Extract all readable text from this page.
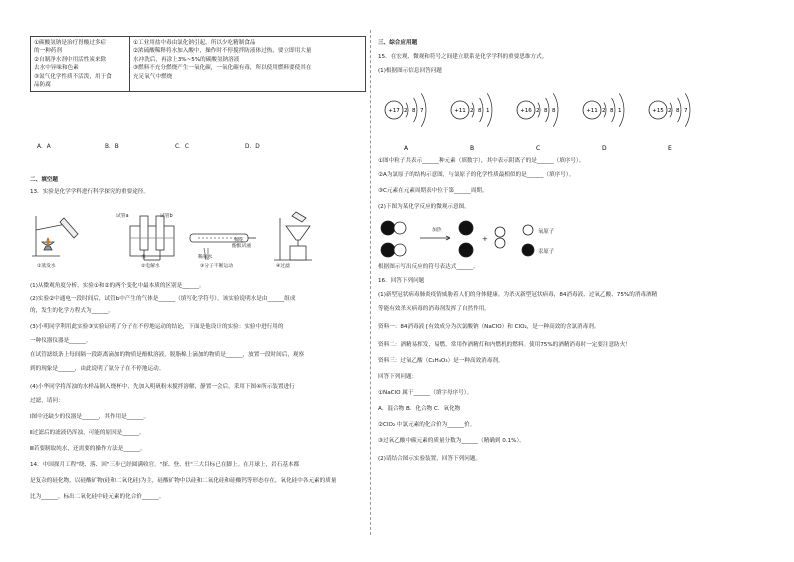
①碳酸氢钠是治疗胃酸过多症
的一种药剂
②自制净水剂中用活性炭来除
去水中异味和色素
③氮气化学性质不活泼，用于食
品防腐

①工业用盐中毒由氯化钠引起，所以少吃精制食品
②浓硫酸稀释将水加入酸中，操作时不停搅拌防液体过热，要立即用大量
水冲洗后，再涂上3%~5%的碳酸氢钠溶液
③燃料不充分燃烧产生一氧化碳，一氧化碳有毒，所以使用燃料要使其在
充足氧气中燃烧
A．A	B．B	C．C	D．D
二、填空题
13．实验是化学学科进行科学探究的重要途径。
①蒸发水	②电解水	③分子不断运动	④过滤
试管a	试管b
棉花
酚酞试液
水	稀氨水
(1)从微观角度分析，实验①和②的两个变化中最本质的区别是______。
(2)实验②中通电一段时间后，试管b中产生的气体是______（填写化学符号），该实验说明水是由______组成
的，发生的化学方程式为______。
(3)小明同学利用此实验③实验证明了分子在不停地运动的结论，下面是他设计的实验：实验中进行用的
一种仪器仪器是______。
在试管滤纸条上每间隔一段距离滴加的物质是酚酞溶液，脱脂棉上滴加的物质是______，放置一段时间后，观察
到的现象是______，由此说明了氨分子在不停地运动。
(4)小华同学将浑浊的水样品倒入烧杯中，先加入明矾粉末搅拌溶解，静置一会后，采用下图④所示装置进行
过滤，请问：
Ⅰ图中还缺少的仪器是______，其作用是______。
Ⅱ过滤后的滤液仍浑浊，可能的原因是______。
Ⅲ若要制取纯水，还需要的操作方法是______。
14．中国探月工程"绕、落、回"三步已经圆满收官。"探、登、驻"三大目标已在脚上。在月球上，岩石基本都
是复杂的硅化物，以硅酸矿物(硅和二氧化硅)为主，硅酸矿物中以硅和二氧化硅和硅酸钙等形态存在，氧化硅中各元素的质量
比为______，标出二氧化硅中硅元素的化合价______。
三、综合应用题
15．在宏观、微观和符号之间建立联系是化学学科的重要思维方式。
(1)根据图示信息回答问题
+17 2 8 7
A
+11 2 8 1
B
+16 2 8 8
C
+11 2 8 1
D
+15 2 8 7
E
①图中粒子共表示______种元素（填数字），其中表示阴离子的是______（填序号）。
②A为氯原子的结构示意图，与氯原子的化学性质最相似的是______（填序号）。
③C元素在元素周期表中位于第______周期。
(2)下图为某化学反应的微观示意图。
+
加热	氧原子
汞原子
根据图示写出反应的符号表达式______。
16．回答下列问题
(1)新型冠状病毒肺炎疫情威胁着人们的身体健康。为杀灭新型冠状病毒，84消毒液、过氧乙酸、75%的消毒酒精
等能有效杀灭病毒的消毒剂发挥了自然作用。
资料一：84消毒液 [有效成分为次氯酸钠（NaClO）和 ClO₂，是一种高效的含氯消毒剂。
资料二：酒精易挥发，易燃，常用作酒精灯和内燃机的燃料。使用75%的酒精消毒时一定要注意防火！
资料三：过氧乙酸（C₂H₄O₃）是一种高效消毒剂。
回答下列问题：
①NaClO 属于______（填字母序号）。
A．混合物 B．化合物 C．氧化物
②ClO₂ 中氯元素的化合价为______价。
③过氧乙酸中碳元素的质量分数为______（精确到 0.1%）。
(2)请结合图示实验装置，回答下列问题。
